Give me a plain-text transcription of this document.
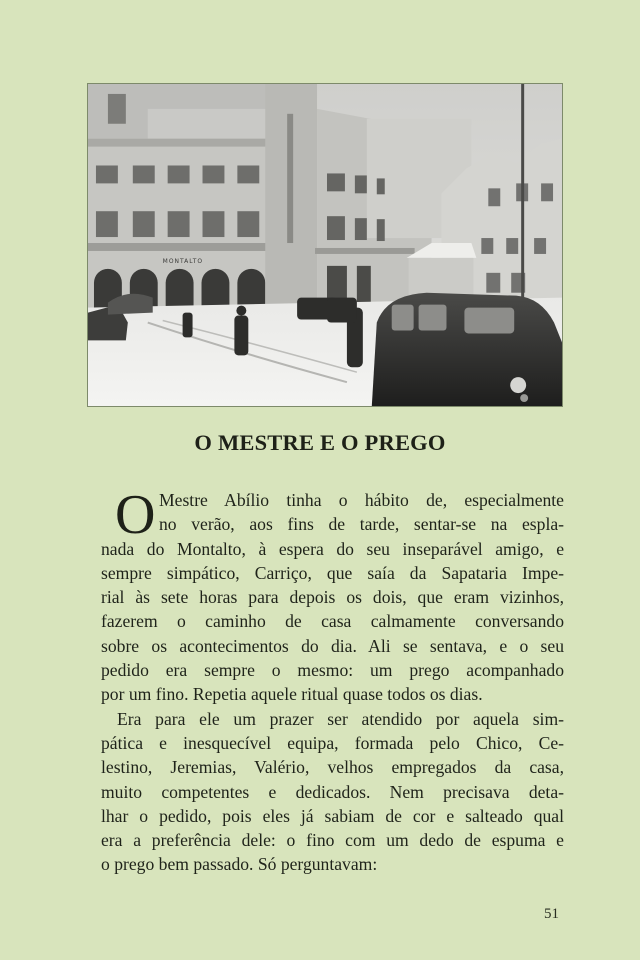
MONTALTO
O MESTRE E O PREGO
O Mestre Abílio tinha o hábito de, especialmente
no verão, aos fins de tarde, sentar-se na espla-
nada do Montalto, à espera do seu inseparável amigo, e
sempre simpático, Carriço, que saía da Sapataria Impe-
rial às sete horas para depois os dois, que eram vizinhos,
fazerem o caminho de casa calmamente conversando
sobre os acontecimentos do dia. Ali se sentava, e o seu
pedido era sempre o mesmo: um prego acompanhado
por um fino. Repetia aquele ritual quase todos os dias.
Era para ele um prazer ser atendido por aquela sim-
pática e inesquecível equipa, formada pelo Chico, Ce-
lestino, Jeremias, Valério, velhos empregados da casa,
muito competentes e dedicados. Nem precisava deta-
lhar o pedido, pois eles já sabiam de cor e salteado qual
era a preferência dele: o fino com um dedo de espuma e
o prego bem passado. Só perguntavam:
51
